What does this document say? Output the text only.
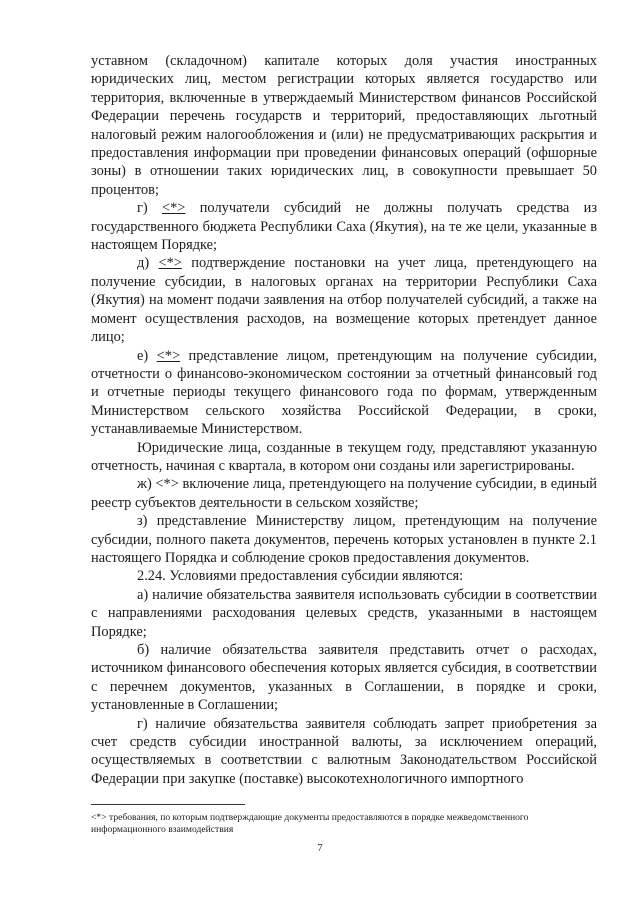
уставном (складочном) капитале которых доля участия иностранных юридических лиц, местом регистрации которых является государство или территория, включенные в утверждаемый Министерством финансов Российской Федерации перечень государств и территорий, предоставляющих льготный налоговый режим налогообложения и (или) не предусматривающих раскрытия и предоставления информации при проведении финансовых операций (офшорные зоны) в отношении таких юридических лиц, в совокупности превышает 50 процентов;

г) <*> получатели субсидий не должны получать средства из государственного бюджета Республики Саха (Якутия), на те же цели, указанные в настоящем Порядке;

д) <*> подтверждение постановки на учет лица, претендующего на получение субсидии, в налоговых органах на территории Республики Саха (Якутия) на момент подачи заявления на отбор получателей субсидий, а также на момент осуществления расходов, на возмещение которых претендует данное лицо;

е) <*> представление лицом, претендующим на получение субсидии, отчетности о финансово-экономическом состоянии за отчетный финансовый год и отчетные периоды текущего финансового года по формам, утвержденным Министерством сельского хозяйства Российской Федерации, в сроки, устанавливаемые Министерством.

Юридические лица, созданные в текущем году, представляют указанную отчетность, начиная с квартала, в котором они созданы или зарегистрированы.

ж) <*> включение лица, претендующего на получение субсидии, в единый реестр субъектов деятельности в сельском хозяйстве;

з) представление Министерству лицом, претендующим на получение субсидии, полного пакета документов, перечень которых установлен в пункте 2.1 настоящего Порядка и соблюдение сроков предоставления документов.

2.24. Условиями предоставления субсидии являются:

а) наличие обязательства заявителя использовать субсидии в соответствии с направлениями расходования целевых средств, указанными в настоящем Порядке;

б) наличие обязательства заявителя представить отчет о расходах, источником финансового обеспечения которых является субсидия, в соответствии с перечнем документов, указанных в Соглашении, в порядке и сроки, установленные в Соглашении;

г) наличие обязательства заявителя соблюдать запрет приобретения за счет средств субсидии иностранной валюты, за исключением операций, осуществляемых в соответствии с валютным Законодательством Российской Федерации при закупке (поставке) высокотехнологичного импортного

<*> требования, по которым подтверждающие документы предоставляются в порядке межведомственного информационного взаимодействия

7
